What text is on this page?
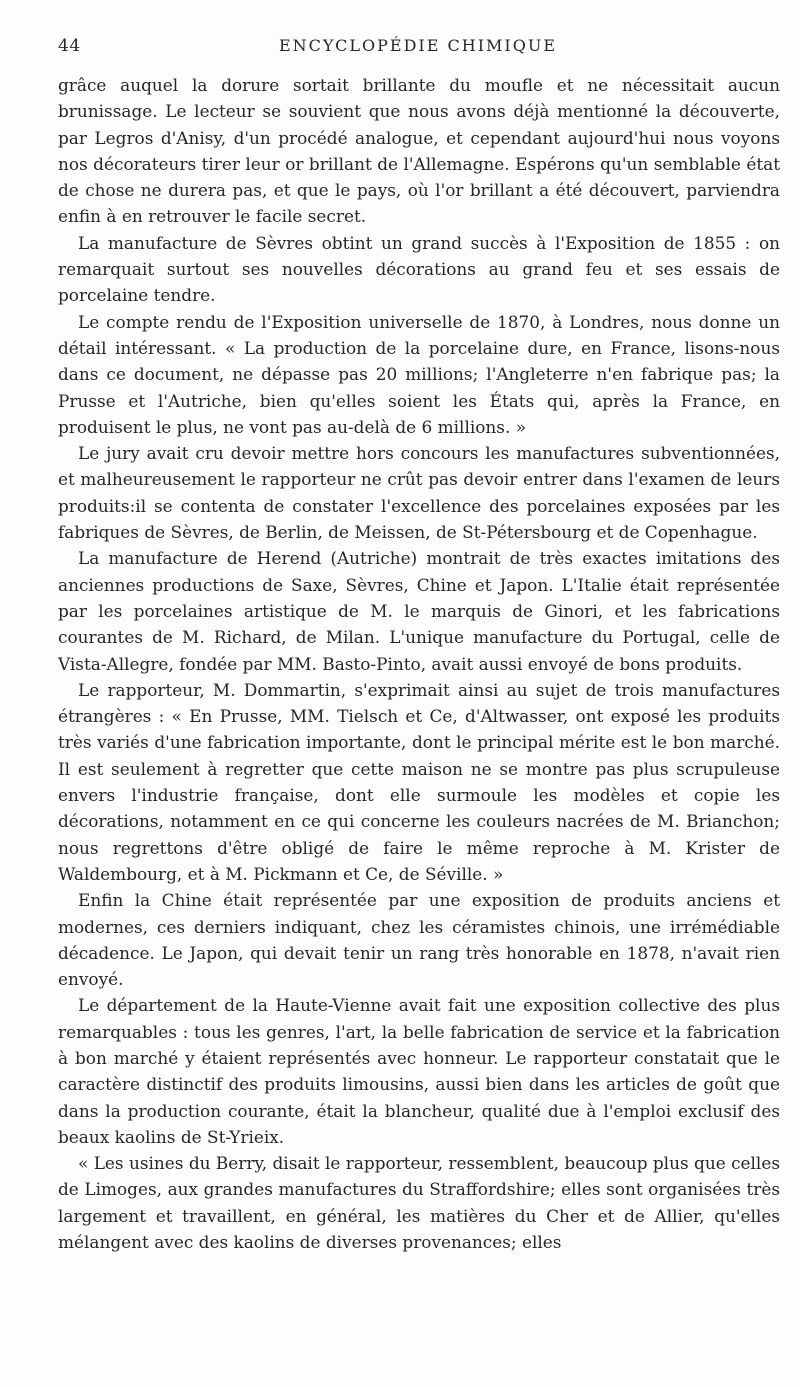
44	ENCYCLOPÉDIE CHIMIQUE

grâce auquel la dorure sortait brillante du moufle et ne nécessitait aucun brunissage. Le lecteur se souvient que nous avons déjà mentionné la découverte, par Legros d'Anisy, d'un procédé analogue, et cependant aujourd'hui nous voyons nos décorateurs tirer leur or brillant de l'Allemagne. Espérons qu'un semblable état de chose ne durera pas, et que le pays, où l'or brillant a été découvert, parviendra enfin à en retrouver le facile secret.

La manufacture de Sèvres obtint un grand succès à l'Exposition de 1855 : on remarquait surtout ses nouvelles décorations au grand feu et ses essais de porcelaine tendre.

Le compte rendu de l'Exposition universelle de 1870, à Londres, nous donne un détail intéressant. « La production de la porcelaine dure, en France, lisons-nous dans ce document, ne dépasse pas 20 millions; l'Angleterre n'en fabrique pas; la Prusse et l'Autriche, bien qu'elles soient les États qui, après la France, en produisent le plus, ne vont pas au-delà de 6 millions. »

Le jury avait cru devoir mettre hors concours les manufactures subventionnées, et malheureusement le rapporteur ne crût pas devoir entrer dans l'examen de leurs produits:il se contenta de constater l'excellence des porcelaines exposées par les fabriques de Sèvres, de Berlin, de Meissen, de St-Pétersbourg et de Copenhague.

La manufacture de Herend (Autriche) montrait de très exactes imitations des anciennes productions de Saxe, Sèvres, Chine et Japon. L'Italie était représentée par les porcelaines artistique de M. le marquis de Ginori, et les fabrications courantes de M. Richard, de Milan. L'unique manufacture du Portugal, celle de Vista-Allegre, fondée par MM. Basto-Pinto, avait aussi envoyé de bons produits.

Le rapporteur, M. Dommartin, s'exprimait ainsi au sujet de trois manufactures étrangères : « En Prusse, MM. Tielsch et Ce, d'Altwasser, ont exposé les produits très variés d'une fabrication importante, dont le principal mérite est le bon marché. Il est seulement à regretter que cette maison ne se montre pas plus scrupuleuse envers l'industrie française, dont elle surmoule les modèles et copie les décorations, notamment en ce qui concerne les couleurs nacrées de M. Brianchon; nous regrettons d'être obligé de faire le même reproche à M. Krister de Waldembourg, et à M. Pickmann et Ce, de Séville. »

Enfin la Chine était représentée par une exposition de produits anciens et modernes, ces derniers indiquant, chez les céramistes chinois, une irrémédiable décadence. Le Japon, qui devait tenir un rang très honorable en 1878, n'avait rien envoyé.

Le département de la Haute-Vienne avait fait une exposition collective des plus remarquables : tous les genres, l'art, la belle fabrication de service et la fabrication à bon marché y étaient représentés avec honneur. Le rapporteur constatait que le caractère distinctif des produits limousins, aussi bien dans les articles de goût que dans la production courante, était la blancheur, qualité due à l'emploi exclusif des beaux kaolins de St-Yrieix.

« Les usines du Berry, disait le rapporteur, ressemblent, beaucoup plus que celles de Limoges, aux grandes manufactures du Straffordshire; elles sont organisées très largement et travaillent, en général, les matières du Cher et de Allier, qu'elles mélangent avec des kaolins de diverses provenances; elles
